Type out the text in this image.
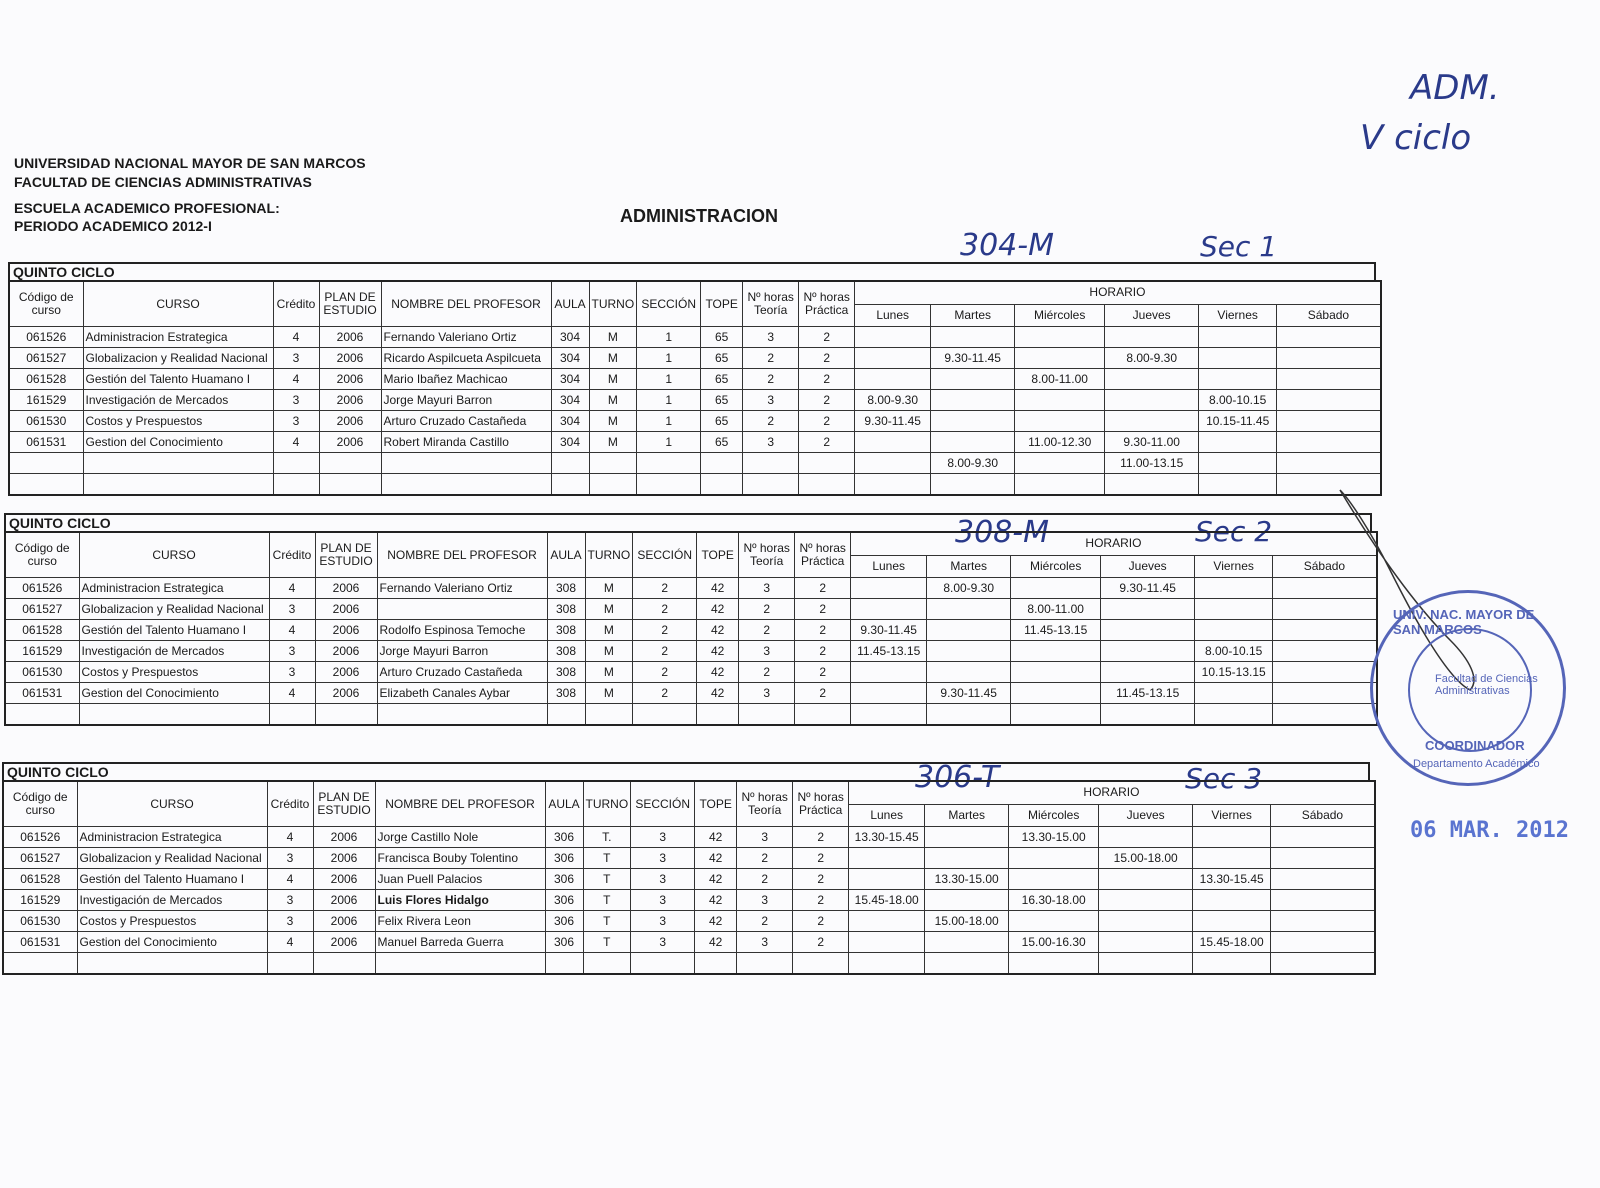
UNIVERSIDAD NACIONAL MAYOR DE SAN MARCOS
FACULTAD DE CIENCIAS ADMINISTRATIVAS
ESCUELA ACADEMICO PROFESIONAL:
PERIODO ACADEMICO 2012-I	ADMINISTRACION
ADM.
V ciclo
304-M	Sec 1
308-M	Sec 2
306-T	Sec 3
QUINTO CICLO
Código de curso	CURSO	Crédito	PLAN DE ESTUDIO	NOMBRE DEL PROFESOR	AULA	TURNO	SECCIÓN	TOPE	Nº horas Teoría	Nº horas Práctica	HORARIO					
											Lunes	Martes	Miércoles	Jueves	Viernes	Sábado
061526	Administracion Estrategica	4	2006	Fernando Valeriano Ortiz	304	M	1	65	3	2						
061527	Globalizacion y Realidad Nacional	3	2006	Ricardo Aspilcueta Aspilcueta	304	M	1	65	2	2		9.30-11.45		8.00-9.30		
061528	Gestión del Talento Huamano I	4	2006	Mario Ibañez Machicao	304	M	1	65	2	2			8.00-11.00			
161529	Investigación de Mercados	3	2006	Jorge Mayuri Barron	304	M	1	65	3	2	8.00-9.30				8.00-10.15	
061530	Costos y Prespuestos	3	2006	Arturo Cruzado Castañeda	304	M	1	65	2	2	9.30-11.45				10.15-11.45	
061531	Gestion del Conocimiento	4	2006	Robert Miranda Castillo	304	M	1	65	3	2			11.00-12.30	9.30-11.00		
												8.00-9.30		11.00-13.15		

QUINTO CICLO
Código de curso	CURSO	Crédito	PLAN DE ESTUDIO	NOMBRE DEL PROFESOR	AULA	TURNO	SECCIÓN	TOPE	Nº horas Teoría	Nº horas Práctica	HORARIO					
											Lunes	Martes	Miércoles	Jueves	Viernes	Sábado
061526	Administracion Estrategica	4	2006	Fernando Valeriano Ortiz	308	M	2	42	3	2		8.00-9.30		9.30-11.45		
061527	Globalizacion y Realidad Nacional	3	2006		308	M	2	42	2	2			8.00-11.00			
061528	Gestión del Talento Huamano I	4	2006	Rodolfo Espinosa Temoche	308	M	2	42	2	2	9.30-11.45		11.45-13.15			
161529	Investigación de Mercados	3	2006	Jorge Mayuri Barron	308	M	2	42	3	2	11.45-13.15				8.00-10.15	
061530	Costos y Prespuestos	3	2006	Arturo Cruzado Castañeda	308	M	2	42	2	2					10.15-13.15	
061531	Gestion del Conocimiento	4	2006	Elizabeth Canales Aybar	308	M	2	42	3	2		9.30-11.45		11.45-13.15		

QUINTO CICLO
Código de curso	CURSO	Crédito	PLAN DE ESTUDIO	NOMBRE DEL PROFESOR	AULA	TURNO	SECCIÓN	TOPE	Nº horas Teoría	Nº horas Práctica	HORARIO					
											Lunes	Martes	Miércoles	Jueves	Viernes	Sábado
061526	Administracion Estrategica	4	2006	Jorge Castillo Nole	306	T.	3	42	3	2	13.30-15.45		13.30-15.00			
061527	Globalizacion y Realidad Nacional	3	2006	Francisca Bouby Tolentino	306	T	3	42	2	2				15.00-18.00		
061528	Gestión del Talento Huamano I	4	2006	Juan Puell Palacios	306	T	3	42	2	2		13.30-15.00			13.30-15.45	
161529	Investigación de Mercados	3	2006	Luis Flores Hidalgo	306	T	3	42	3	2	15.45-18.00		16.30-18.00			
061530	Costos y Prespuestos	3	2006	Felix Rivera Leon	306	T	3	42	2	2		15.00-18.00				
061531	Gestion del Conocimiento	4	2006	Manuel Barreda Guerra	306	T	3	42	3	2			15.00-16.30		15.45-18.00	

UNIV. NAC. MAYOR DE SAN MARCOS
Facultad de Ciencias Administrativas
COORDINADOR
Departamento Académico
06 MAR. 2012
